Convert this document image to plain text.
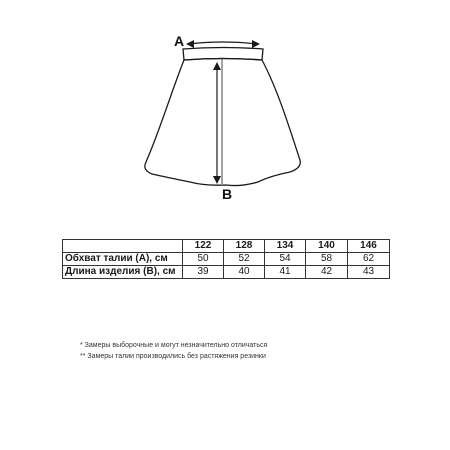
A
B
	122	128	134	140	146
Обхват талии (А), см	50	52	54	58	62
Длина изделия (В), см	39	40	41	42	43
* Замеры выборочные и могут незначительно отличаться
** Замеры талии производились без растяжения резинки
